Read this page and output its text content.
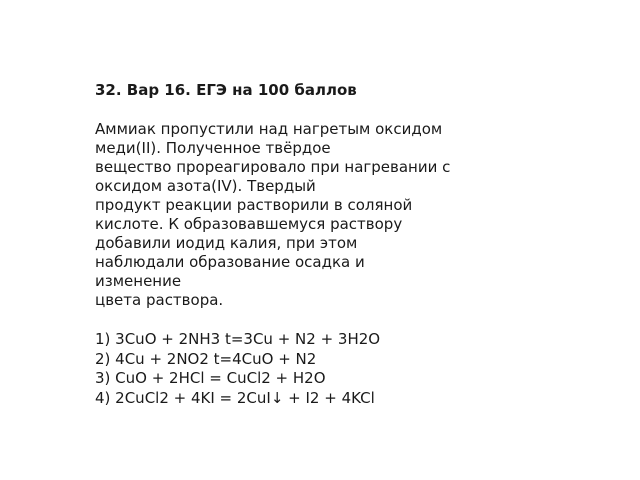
32. Вар 16. ЕГЭ на 100 баллов

Аммиак пропустили над нагретым оксидом
меди(II). Полученное твёрдое
вещество прореагировало при нагревании с
оксидом азота(IV). Твердый
продукт реакции растворили в соляной
кислоте. К образовавшемуся раствору
добавили иодид калия, при этом
наблюдали образование осадка и
изменение
цвета раствора.

1) 3CuO + 2NH3 t=3Cu + N2 + 3H2O
2) 4Cu + 2NO2 t=4CuO + N2
3) CuO + 2HCl = CuCl2 + H2O
4) 2CuCl2 + 4KI = 2CuI↓ + I2 + 4KCl
